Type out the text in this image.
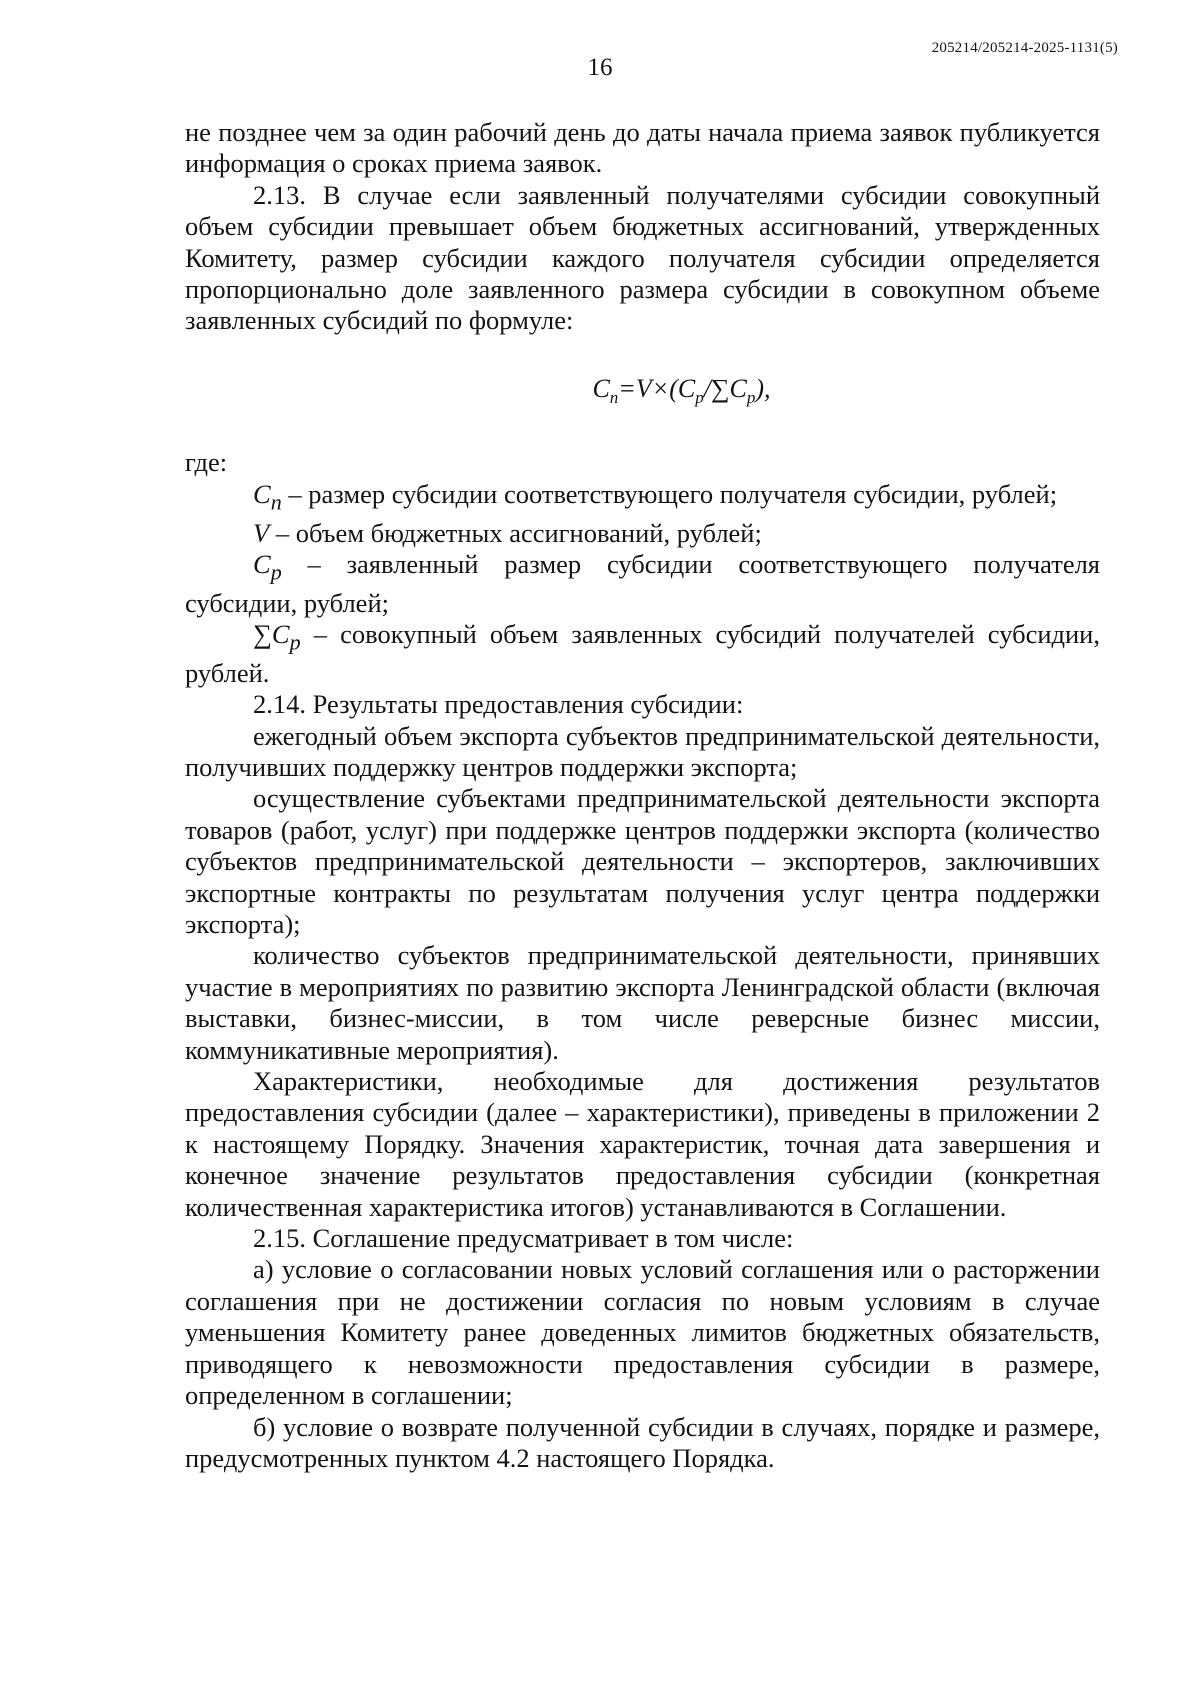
205214/205214-2025-1131(5)
16

не позднее чем за один рабочий день до даты начала приема заявок публикуется информация о сроках приема заявок.

2.13. В случае если заявленный получателями субсидии совокупный объем субсидии превышает объем бюджетных ассигнований, утвержденных Комитету, размер субсидии каждого получателя субсидии определяется пропорционально доле заявленного размера субсидии в совокупном объеме заявленных субсидий по формуле:

$C_n=V\times(C_p/\sum C_p)$,

где:

$C_n$ – размер субсидии соответствующего получателя субсидии, рублей;

V – объем бюджетных ассигнований, рублей;

$C_p$ – заявленный размер субсидии соответствующего получателя субсидии, рублей;

$\sum C_p$ – совокупный объем заявленных субсидий получателей субсидии, рублей.

2.14. Результаты предоставления субсидии:

ежегодный объем экспорта субъектов предпринимательской деятельности, получивших поддержку центров поддержки экспорта;

осуществление субъектами предпринимательской деятельности экспорта товаров (работ, услуг) при поддержке центров поддержки экспорта (количество субъектов предпринимательской деятельности – экспортеров, заключивших экспортные контракты по результатам получения услуг центра поддержки экспорта);

количество субъектов предпринимательской деятельности, принявших участие в мероприятиях по развитию экспорта Ленинградской области (включая выставки, бизнес-миссии, в том числе реверсные бизнес миссии, коммуникативные мероприятия).

Характеристики, необходимые для достижения результатов предоставления субсидии (далее – характеристики), приведены в приложении 2 к настоящему Порядку. Значения характеристик, точная дата завершения и конечное значение результатов предоставления субсидии (конкретная количественная характеристика итогов) устанавливаются в Соглашении.

2.15. Соглашение предусматривает в том числе:

а) условие о согласовании новых условий соглашения или о расторжении соглашения при не достижении согласия по новым условиям в случае уменьшения Комитету ранее доведенных лимитов бюджетных обязательств, приводящего к невозможности предоставления субсидии в размере, определенном в соглашении;

б) условие о возврате полученной субсидии в случаях, порядке и размере, предусмотренных пунктом 4.2 настоящего Порядка.
